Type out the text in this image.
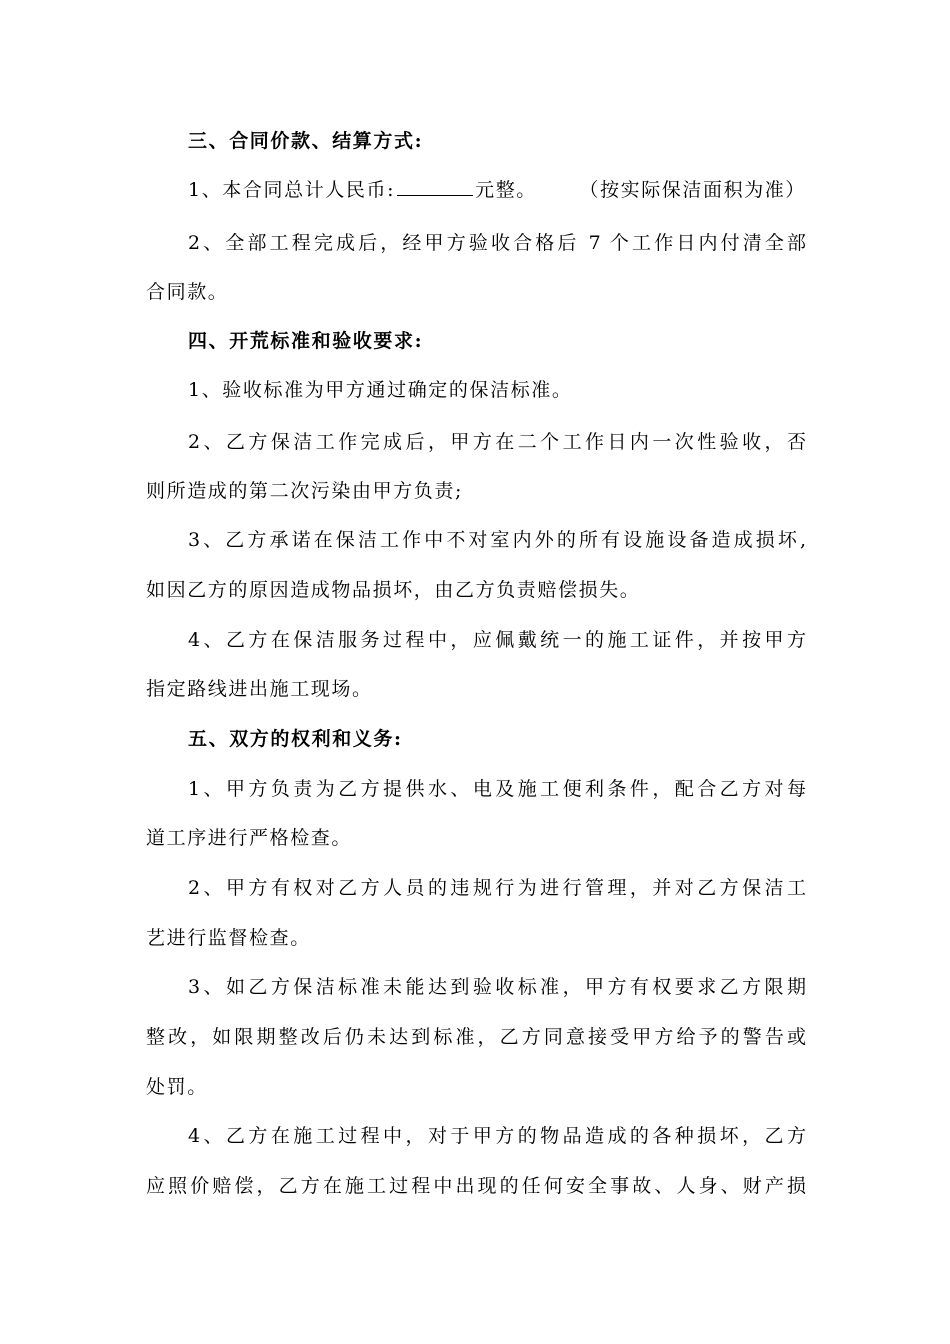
三、合同价款、结算方式:
1、本合同总计人民币:	元整。 （按实际保洁面积为准）
2、全部工程完成后，经甲方验收合格后 7 个工作日内付清全部
合同款。
四、开荒标准和验收要求:
1、验收标准为甲方通过确定的保洁标准。
2、乙方保洁工作完成后，甲方在二个工作日内一次性验收，否
则所造成的第二次污染由甲方负责;
3、乙方承诺在保洁工作中不对室内外的所有设施设备造成损坏,
如因乙方的原因造成物品损坏，由乙方负责赔偿损失。
4、乙方在保洁服务过程中，应佩戴统一的施工证件，并按甲方
指定路线进出施工现场。
五、双方的权利和义务:
1、甲方负责为乙方提供水、电及施工便利条件，配合乙方对每
道工序进行严格检查。
2、甲方有权对乙方人员的违规行为进行管理，并对乙方保洁工
艺进行监督检查。
3、如乙方保洁标准未能达到验收标准，甲方有权要求乙方限期
整改，如限期整改后仍未达到标准，乙方同意接受甲方给予的警告或
处罚。
4、乙方在施工过程中，对于甲方的物品造成的各种损坏，乙方
应照价赔偿，乙方在施工过程中出现的任何安全事故、人身、财产损
